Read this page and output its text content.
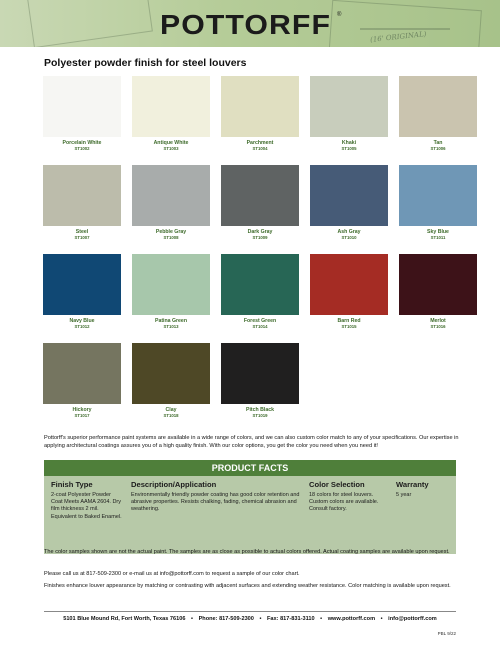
(16' ORIGINAL)
POTTORFF ®
Polyester powder finish for steel louvers
Porcelain White
ST1002
Antique White
ST1003
Parchment
ST1004
Khaki
ST1005
Tan
ST1006
Steel
ST1007
Pebble Gray
ST1008
Dark Gray
ST1009
Ash Gray
ST1010
Sky Blue
ST1011
Navy Blue
ST1012
Patina Green
ST1013
Forest Green
ST1014
Barn Red
ST1015
Merlot
ST1016
Hickory
ST1017
Clay
ST1018
Pitch Black
ST1019
Pottorff's superior performance paint systems are available in a wide range of colors, and we can also custom color match to any of your specifications. Our expertise in applying architectural coatings assures you of a high quality finish. With our color options, you get the color you need when you need it!
PRODUCT FACTS
Finish Type
2-coat Polyester Powder Coat Meets AAMA 2604. Dry film thickness 2 mil. Equivalent to Baked Enamel.
Description/Application
Environmentally friendly powder coating has good color retention and abrasive properties. Resists chalking, fading, chemical abrasion and weathering.
Color Selection
18 colors for steel louvers. Custom colors are available. Consult factory.
Warranty
5 year
The color samples shown are not the actual paint. The samples are as close as possible to actual colors offered. Actual coating samples are available upon request.
Please call us at 817-509-2300 or e-mail us at info@pottorff.com to request a sample of our color chart.
Finishes enhance louver appearance by matching or contrasting with adjacent surfaces and extending weather resistance. Color matching is available upon request.
5101 Blue Mound Rd, Fort Worth, Texas 76106 • Phone: 817-509-2300 • Fax: 817-831-3110 • www.pottorff.com • info@pottorff.com
PBL 9/22
